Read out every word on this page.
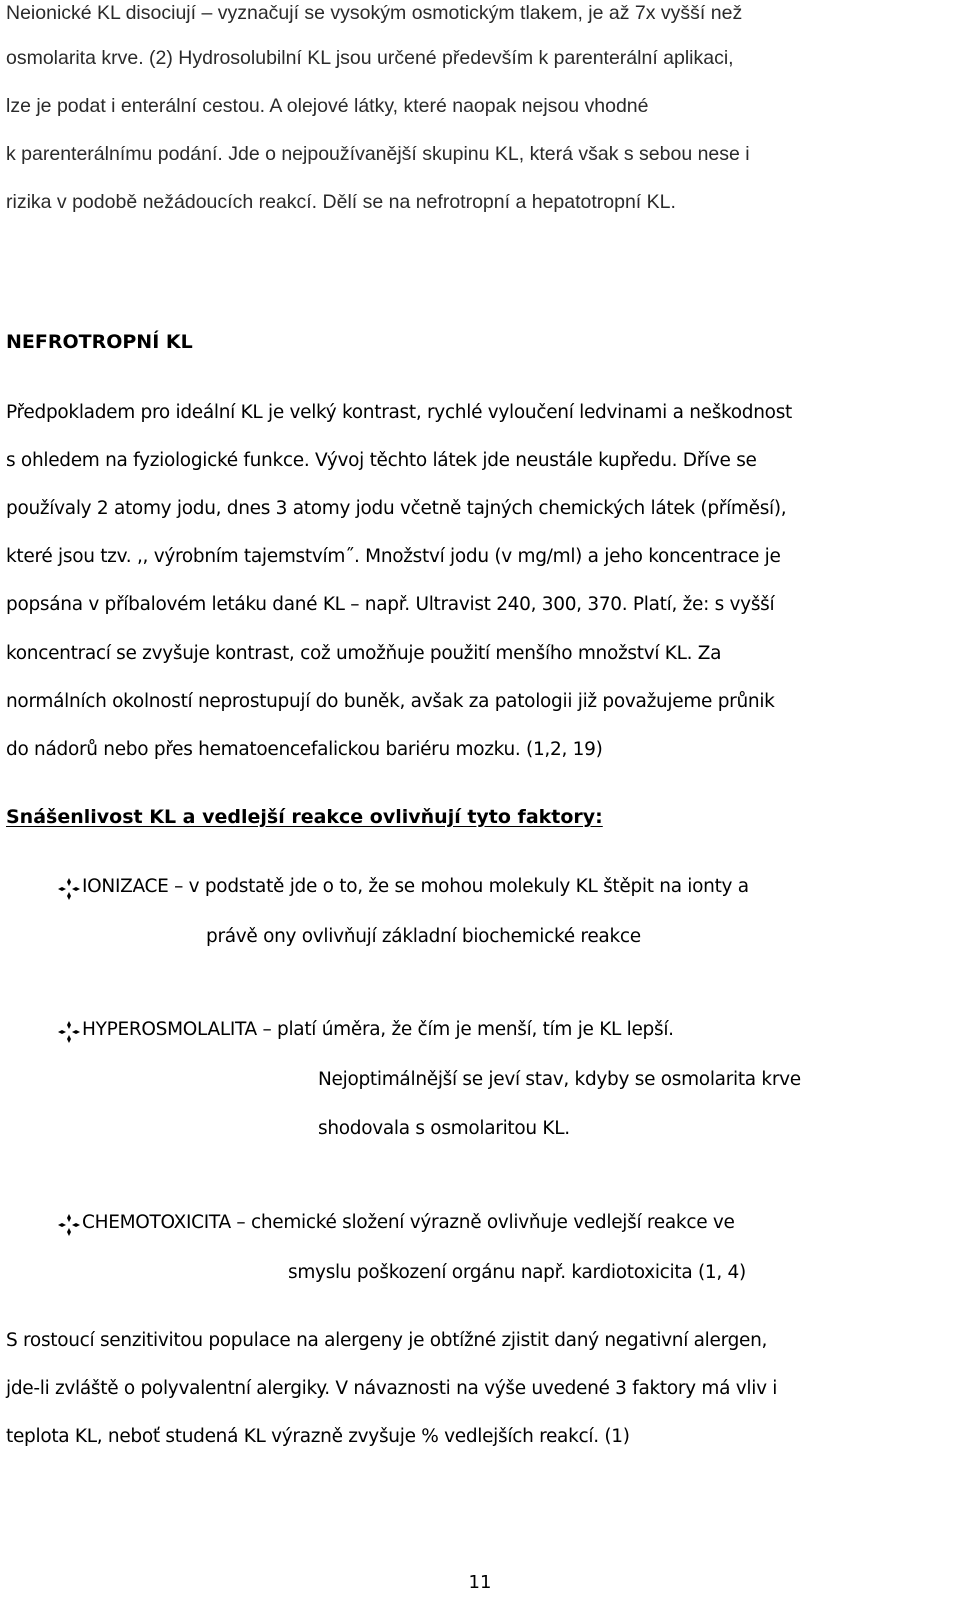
Neionické KL disociují – vyznačují se vysokým osmotickým tlakem, je až 7x vyšší než
osmolarita krve. (2) Hydrosolubilní KL jsou určené především k parenterální aplikaci,
lze je podat i enterální cestou. A olejové látky, které naopak nejsou vhodné
k parenterálnímu podání. Jde o nejpoužívanější skupinu KL, která však s sebou nese i
rizika v podobě nežádoucích reakcí. Dělí se na nefrotropní a hepatotropní KL.
NEFROTROPNÍ KL
Předpokladem pro ideální KL je velký kontrast, rychlé vyloučení ledvinami a neškodnost
s ohledem na fyziologické funkce. Vývoj těchto látek jde neustále kupředu. Dříve se
používaly 2 atomy jodu, dnes 3 atomy jodu včetně tajných chemických látek (příměsí),
které jsou tzv. ,, výrobním tajemstvím˝. Množství jodu (v mg/ml) a jeho koncentrace je
popsána v příbalovém letáku dané KL – např. Ultravist 240, 300, 370. Platí, že: s vyšší
koncentrací se zvyšuje kontrast, což umožňuje použití menšího množství KL. Za
normálních okolností neprostupují do buněk, avšak za patologii již považujeme průnik
do nádorů nebo přes hematoencefalickou bariéru mozku. (1,2, 19)
Snášenlivost KL a vedlejší reakce ovlivňují tyto faktory:
IONIZACE – v podstatě jde o to, že se mohou molekuly KL štěpit na ionty a
právě ony ovlivňují základní biochemické reakce
HYPEROSMOLALITA – platí úměra, že čím je menší, tím je KL lepší.
Nejoptimálnější se jeví stav, kdyby se osmolarita krve
shodovala s osmolaritou KL.
CHEMOTOXICITA – chemické složení výrazně ovlivňuje vedlejší reakce ve
smyslu poškození orgánu např. kardiotoxicita (1, 4)
S rostoucí senzitivitou populace na alergeny je obtížné zjistit daný negativní alergen,
jde-li zvláště o polyvalentní alergiky. V návaznosti na výše uvedené 3 faktory má vliv i
teplota KL, neboť studená KL výrazně zvyšuje % vedlejších reakcí. (1)
11
